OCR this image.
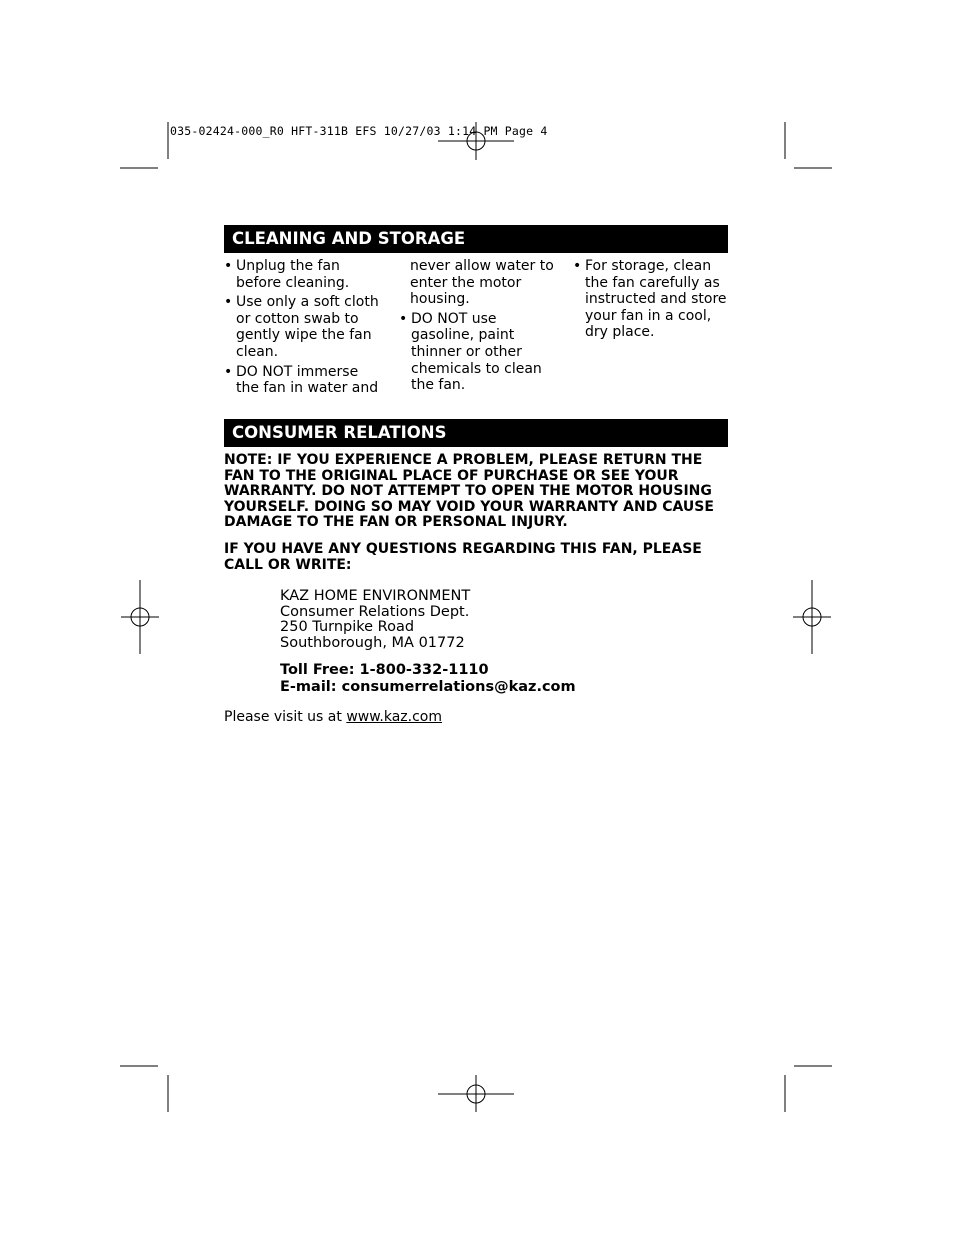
035-02424-000_R0 HFT-311B EFS 10/27/03 1:14 PM Page 4
CLEANING AND STORAGE
• Unplug the fan before cleaning.
• Use only a soft cloth or cotton swab to gently wipe the fan clean.
• DO NOT immerse the fan in water and
never allow water to enter the motor housing.
• DO NOT use gasoline, paint thinner or other chemicals to clean the fan.
• For storage, clean the fan carefully as instructed and store your fan in a cool, dry place.
CONSUMER RELATIONS
NOTE: IF YOU EXPERIENCE A PROBLEM, PLEASE RETURN THE FAN TO THE ORIGINAL PLACE OF PURCHASE OR SEE YOUR WARRANTY. DO NOT ATTEMPT TO OPEN THE MOTOR HOUSING YOURSELF. DOING SO MAY VOID YOUR WARRANTY AND CAUSE DAMAGE TO THE FAN OR PERSONAL INJURY.
IF YOU HAVE ANY QUESTIONS REGARDING THIS FAN, PLEASE CALL OR WRITE:
KAZ HOME ENVIRONMENT
Consumer Relations Dept.
250 Turnpike Road
Southborough, MA 01772
Toll Free: 1-800-332-1110
E-mail: consumerrelations@kaz.com
Please visit us at www.kaz.com
